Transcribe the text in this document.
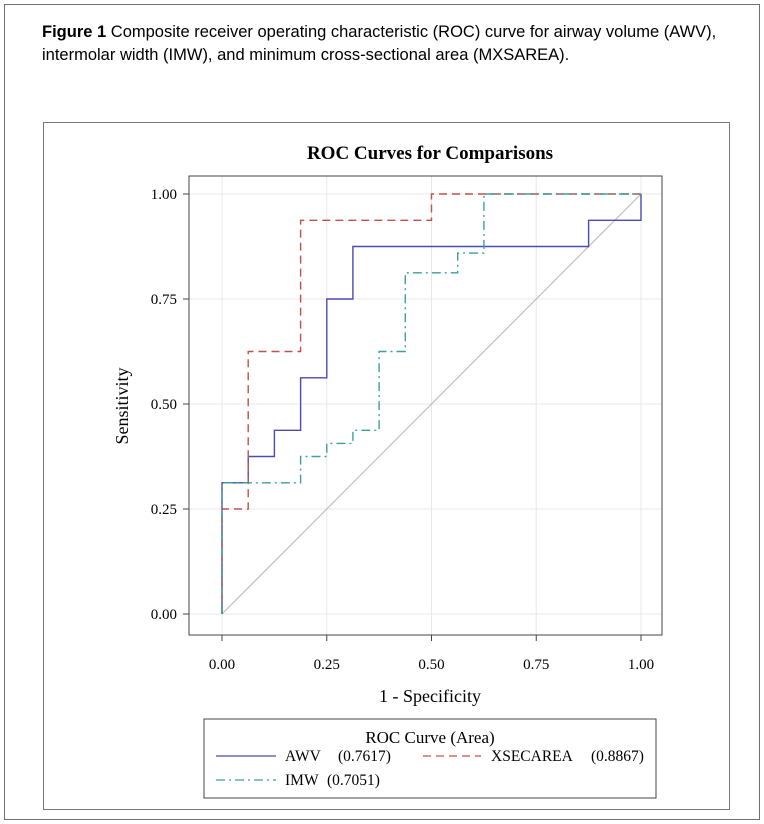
Figure 1 Composite receiver operating characteristic (ROC) curve for airway volume (AWV), intermolar width (IMW), and minimum cross-sectional area (MXSAREA).
ROC Curves for Comparisons
0.00	0.25	0.50	0.75	1.00
0.00
0.25
0.50
0.75
1.00
1 - Specificity
Sensitivity
ROC Curve (Area)
AWV (0.7617)	XSECAREA (0.8867)
IMW (0.7051)
